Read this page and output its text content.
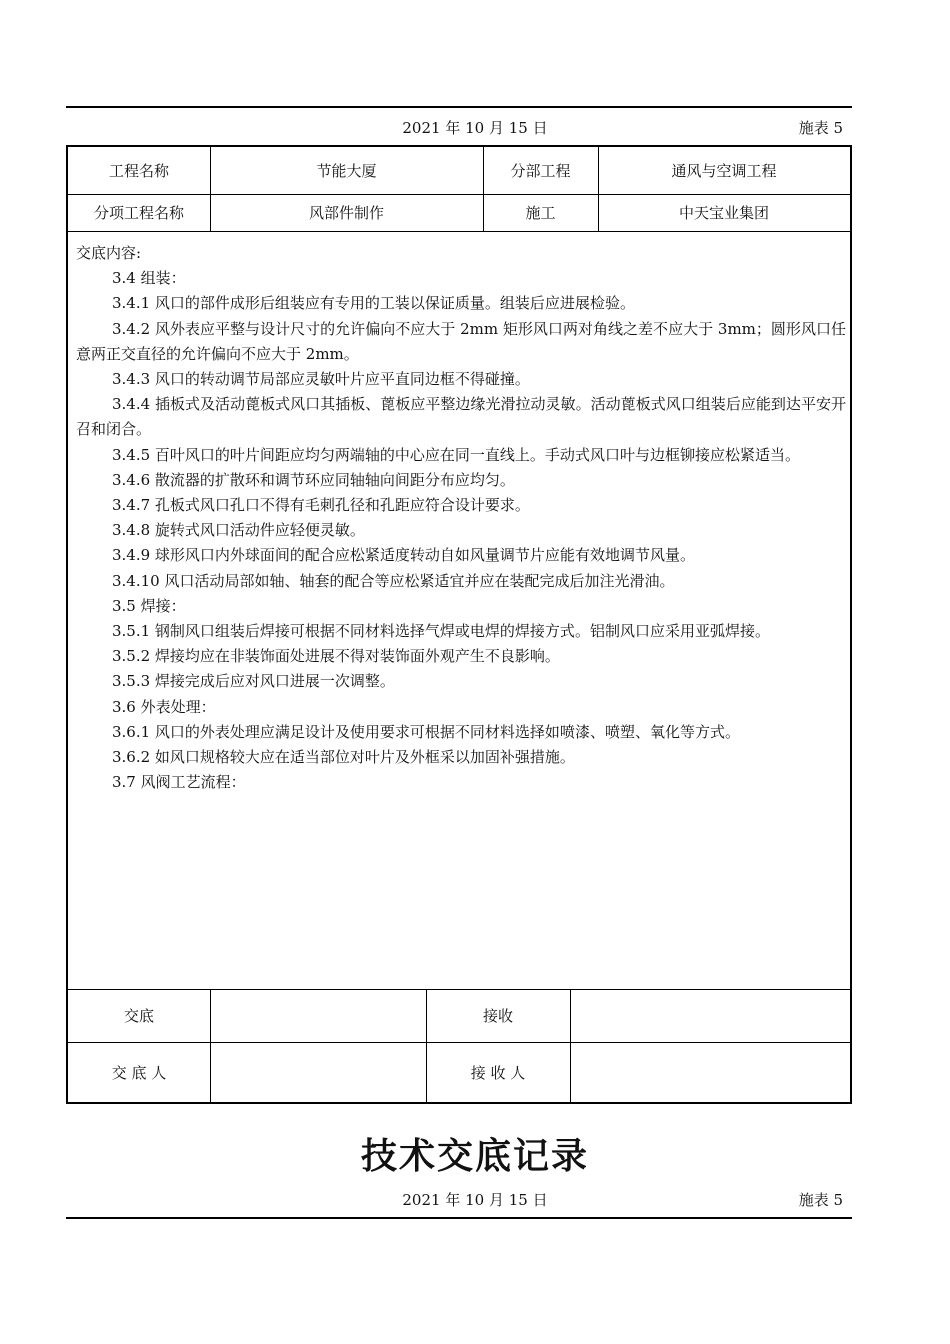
2021 年 10 月 15 日	施表 5
工程名称	节能大厦	分部工程	通风与空调工程
分项工程名称	风部件制作	施工	中天宝业集团

交底内容:

3.4 组装：

3.4.1 风口的部件成形后组装应有专用的工装以保证质量。组装后应进展检验。

3.4.2 风外表应平整与设计尺寸的允许偏向不应大于 2mm 矩形风口两对角线之差不应大于 3mm；圆形风口任意两正交直径的允许偏向不应大于 2mm。

3.4.3 风口的转动调节局部应灵敏叶片应平直同边框不得碰撞。

3.4.4 插板式及活动蓖板式风口其插板、蓖板应平整边缘光滑拉动灵敏。活动蓖板式风口组装后应能到达平安开召和闭合。

3.4.5 百叶风口的叶片间距应均匀两端轴的中心应在同一直线上。手动式风口叶与边框铆接应松紧适当。

3.4.6 散流器的扩散环和调节环应同轴轴向间距分布应均匀。

3.4.7 孔板式风口孔口不得有毛刺孔径和孔距应符合设计要求。

3.4.8 旋转式风口活动件应轻便灵敏。

3.4.9 球形风口内外球面间的配合应松紧适度转动自如风量调节片应能有效地调节风量。

3.4.10 风口活动局部如轴、轴套的配合等应松紧适宜并应在装配完成后加注光滑油。

3.5 焊接：

3.5.1 钢制风口组装后焊接可根据不同材料选择气焊或电焊的焊接方式。铝制风口应采用亚弧焊接。

3.5.2 焊接均应在非装饰面处进展不得对装饰面外观产生不良影响。

3.5.3 焊接完成后应对风口进展一次调整。

3.6 外表处理：

3.6.1 风口的外表处理应满足设计及使用要求可根据不同材料选择如喷漆、喷塑、氧化等方式。

3.6.2 如风口规格较大应在适当部位对叶片及外框采以加固补强措施。

3.7 风阀工艺流程：

交底	接收
交 底 人	接 收 人
技术交底记录
2021 年 10 月 15 日	施表 5
